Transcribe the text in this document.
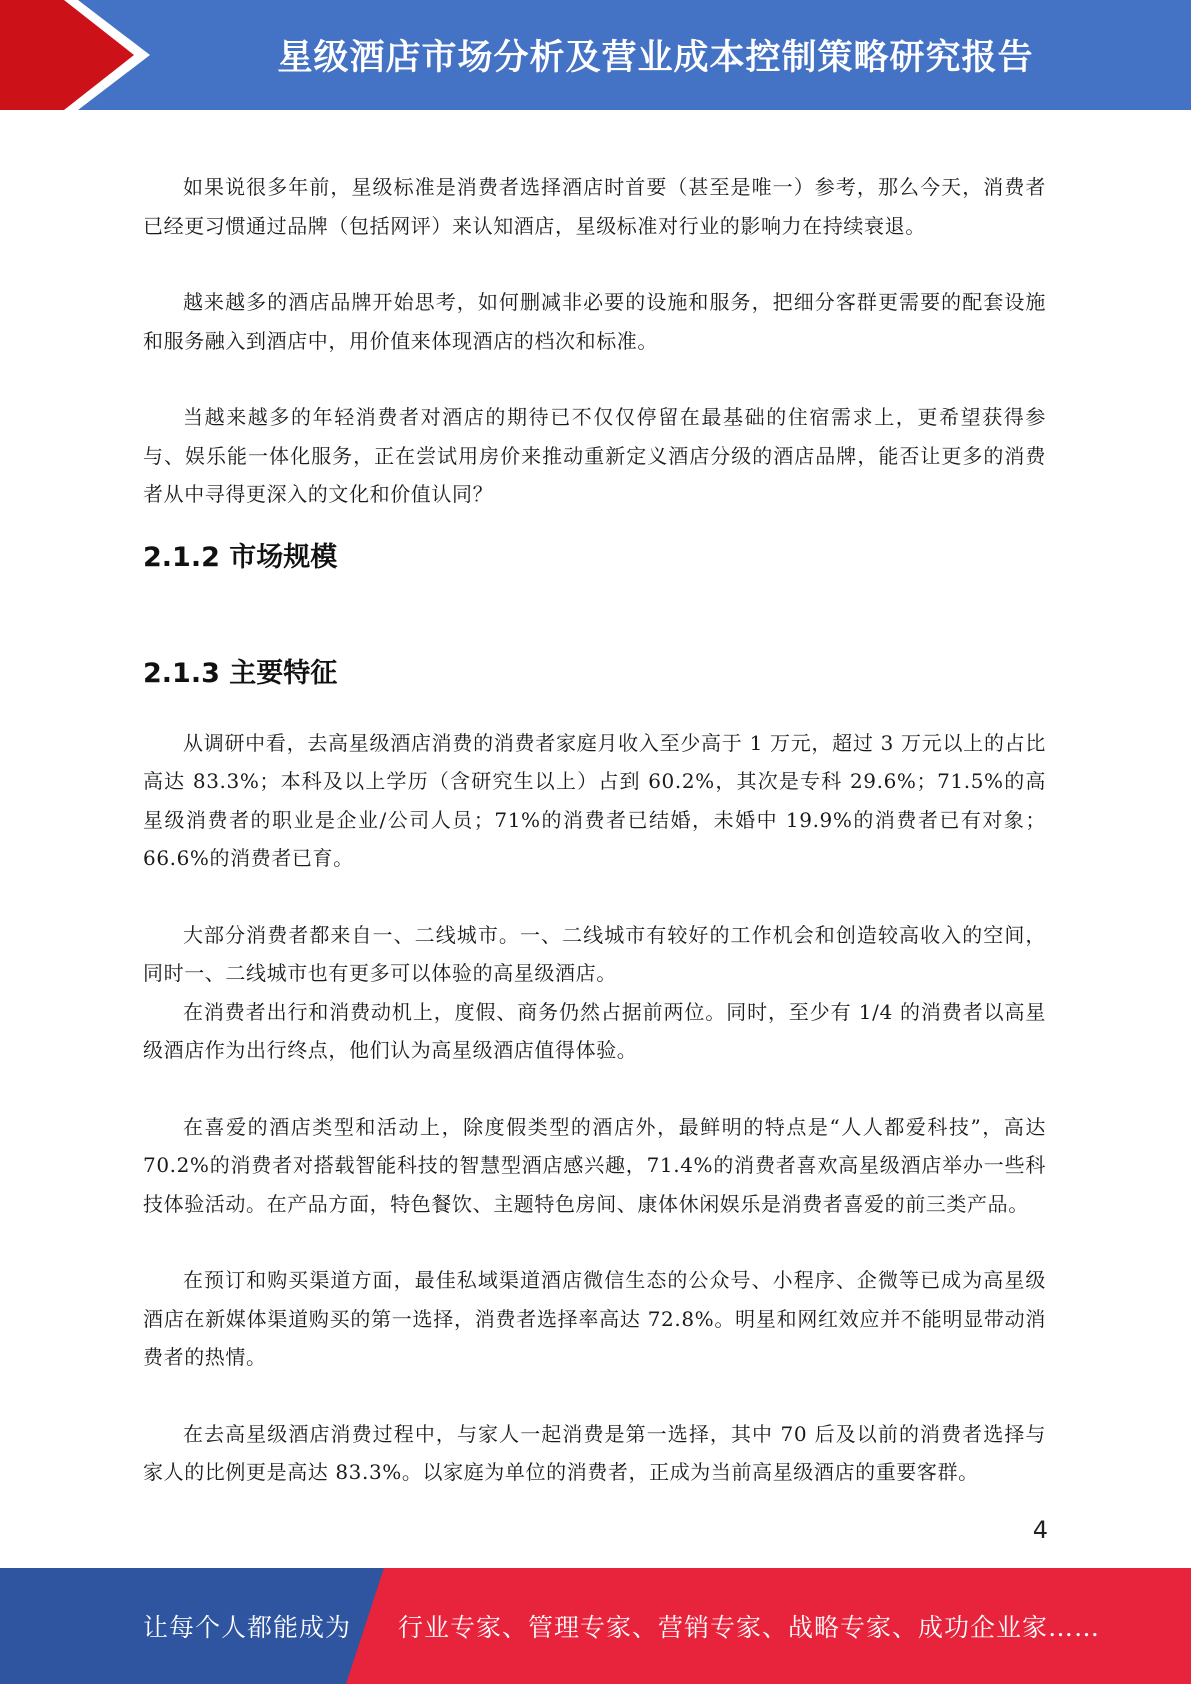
星级酒店市场分析及营业成本控制策略研究报告

如果说很多年前，星级标准是消费者选择酒店时首要（甚至是唯一）参考，那么今天，消费者已经更习惯通过品牌（包括网评）来认知酒店，星级标准对行业的影响力在持续衰退。

越来越多的酒店品牌开始思考，如何删减非必要的设施和服务，把细分客群更需要的配套设施和服务融入到酒店中，用价值来体现酒店的档次和标准。

当越来越多的年轻消费者对酒店的期待已不仅仅停留在最基础的住宿需求上，更希望获得参与、娱乐能一体化服务，正在尝试用房价来推动重新定义酒店分级的酒店品牌，能否让更多的消费者从中寻得更深入的文化和价值认同？

2.1.2 市场规模
2.1.3 主要特征

从调研中看，去高星级酒店消费的消费者家庭月收入至少高于 1 万元，超过 3 万元以上的占比高达 83.3%；本科及以上学历（含研究生以上）占到 60.2%，其次是专科 29.6%；71.5%的高星级消费者的职业是企业/公司人员；71%的消费者已结婚，未婚中 19.9%的消费者已有对象；66.6%的消费者已育。

大部分消费者都来自一、二线城市。一、二线城市有较好的工作机会和创造较高收入的空间，同时一、二线城市也有更多可以体验的高星级酒店。

在消费者出行和消费动机上，度假、商务仍然占据前两位。同时，至少有 1/4 的消费者以高星级酒店作为出行终点，他们认为高星级酒店值得体验。

在喜爱的酒店类型和活动上，除度假类型的酒店外，最鲜明的特点是“人人都爱科技”，高达70.2%的消费者对搭载智能科技的智慧型酒店感兴趣，71.4%的消费者喜欢高星级酒店举办一些科技体验活动。在产品方面，特色餐饮、主题特色房间、康体休闲娱乐是消费者喜爱的前三类产品。

在预订和购买渠道方面，最佳私域渠道酒店微信生态的公众号、小程序、企微等已成为高星级酒店在新媒体渠道购买的第一选择，消费者选择率高达 72.8%。明星和网红效应并不能明显带动消费者的热情。

在去高星级酒店消费过程中，与家人一起消费是第一选择，其中 70 后及以前的消费者选择与家人的比例更是高达 83.3%。以家庭为单位的消费者，正成为当前高星级酒店的重要客群。

4
让每个人都能成为 行业专家、管理专家、营销专家、战略专家、成功企业家……
